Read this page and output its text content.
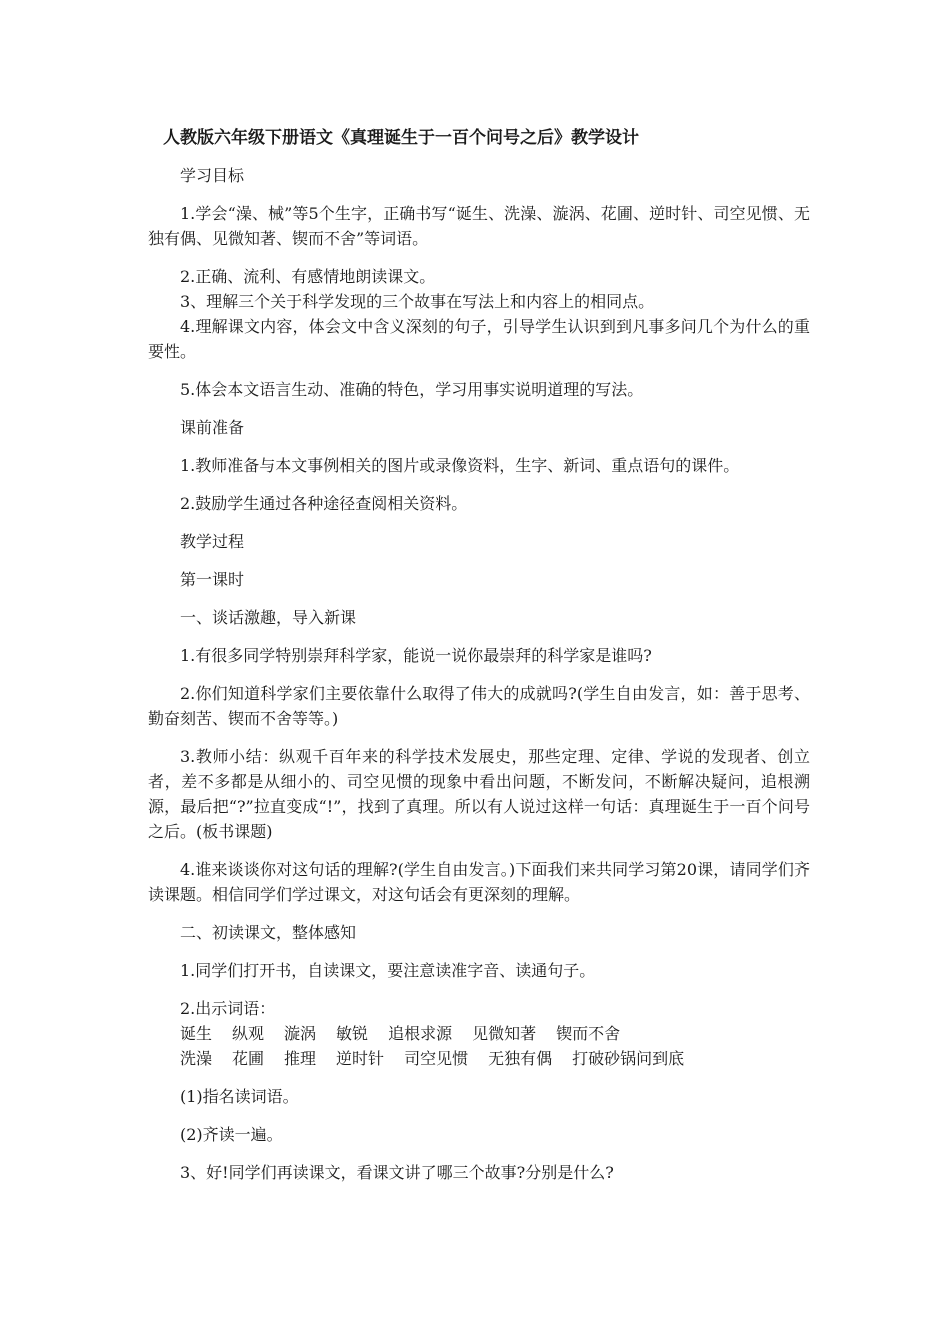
人教版六年级下册语文《真理诞生于一百个问号之后》教学设计

学习目标

1.学会“澡、械”等5个生字，正确书写“诞生、洗澡、漩涡、花圃、逆时针、司空见惯、无独有偶、见微知著、锲而不舍”等词语。

2.正确、流利、有感情地朗读课文。

3、理解三个关于科学发现的三个故事在写法上和内容上的相同点。

4.理解课文内容，体会文中含义深刻的句子，引导学生认识到到凡事多问几个为什么的重要性。

5.体会本文语言生动、准确的特色，学习用事实说明道理的写法。

课前准备

1.教师准备与本文事例相关的图片或录像资料，生字、新词、重点语句的课件。

2.鼓励学生通过各种途径查阅相关资料。

教学过程

第一课时

一、谈话激趣，导入新课

1.有很多同学特别崇拜科学家，能说一说你最崇拜的科学家是谁吗?

2.你们知道科学家们主要依靠什么取得了伟大的成就吗?(学生自由发言，如：善于思考、勤奋刻苦、锲而不舍等等。)

3.教师小结：纵观千百年来的科学技术发展史，那些定理、定律、学说的发现者、创立者，差不多都是从细小的、司空见惯的现象中看出问题，不断发问，不断解决疑问，追根溯源，最后把“?”拉直变成“!”，找到了真理。所以有人说过这样一句话：真理诞生于一百个问号之后。(板书课题)

4.谁来谈谈你对这句话的理解?(学生自由发言。)下面我们来共同学习第20课，请同学们齐读课题。相信同学们学过课文，对这句话会有更深刻的理解。

二、初读课文，整体感知

1.同学们打开书，自读课文，要注意读准字音、读通句子。

2.出示词语：

诞生 纵观 漩涡 敏锐 追根求源 见微知著 锲而不舍

洗澡 花圃 推理 逆时针 司空见惯 无独有偶 打破砂锅问到底

(1)指名读词语。

(2)齐读一遍。

3、好!同学们再读课文，看课文讲了哪三个故事?分别是什么?
